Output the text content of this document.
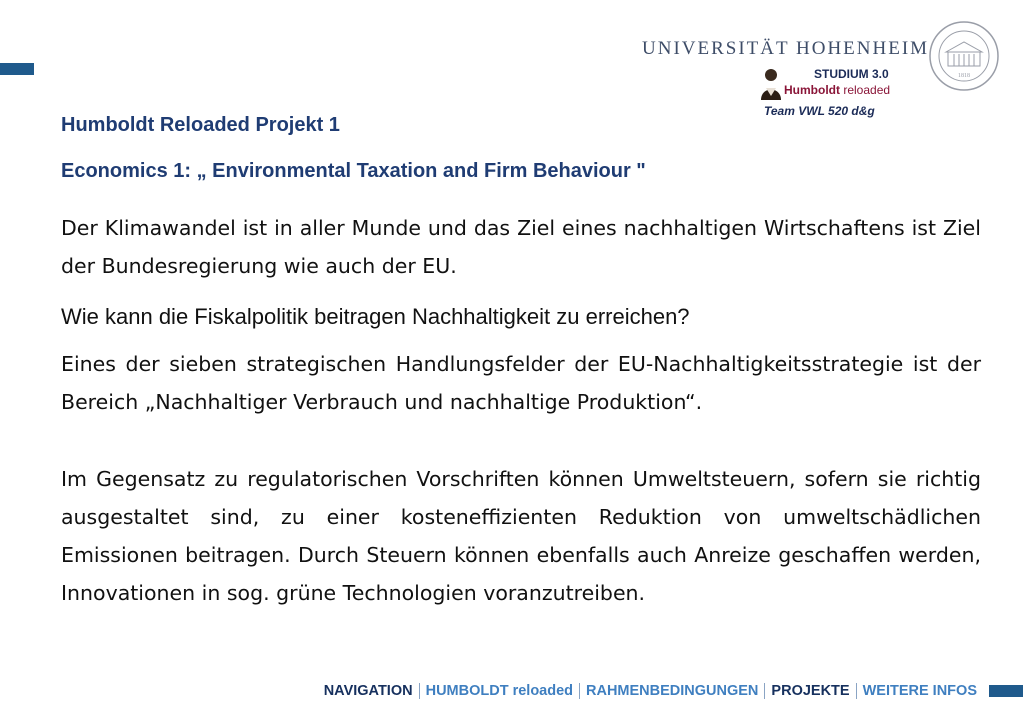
UNIVERSITÄT HOHENHEIM
STUDIUM 3.0
Humboldt reloaded
Team VWL 520 d&g
1818
Humboldt Reloaded Projekt 1
Economics 1: „ Environmental Taxation and Firm Behaviour "
Der Klimawandel ist in aller Munde und das Ziel eines nachhaltigen Wirtschaftens ist Ziel der Bundesregierung wie auch der EU.
Wie kann die Fiskalpolitik beitragen Nachhaltigkeit zu erreichen?
Eines der sieben strategischen Handlungsfelder der EU-Nachhaltigkeitsstrategie ist der Bereich „Nachhaltiger Verbrauch und nachhaltige Produktion“.
Im Gegensatz zu regulatorischen Vorschriften können Umweltsteuern, sofern sie richtig ausgestaltet sind, zu einer kosteneffizienten Reduktion von umweltschädlichen Emissionen beitragen. Durch Steuern können ebenfalls auch Anreize geschaffen werden, Innovationen in sog. grüne Technologien voranzutreiben.
NAVIGATION HUMBOLDT reloaded RAHMENBEDINGUNGEN PROJEKTE WEITERE INFOS
